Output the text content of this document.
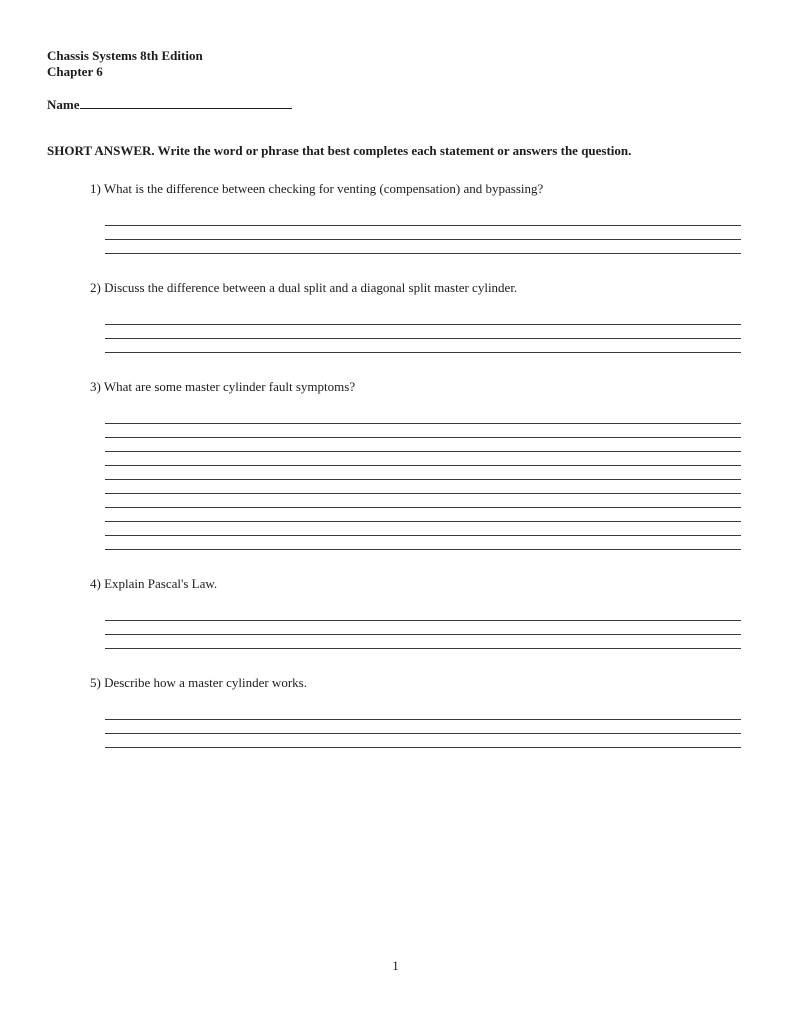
Chassis Systems 8th Edition
Chapter 6
Name
SHORT ANSWER. Write the word or phrase that best completes each statement or answers the question.
1) What is the difference between checking for venting (compensation) and bypassing?
2) Discuss the difference between a dual split and a diagonal split master cylinder.
3) What are some master cylinder fault symptoms?
4) Explain Pascal's Law.
5) Describe how a master cylinder works.
1
